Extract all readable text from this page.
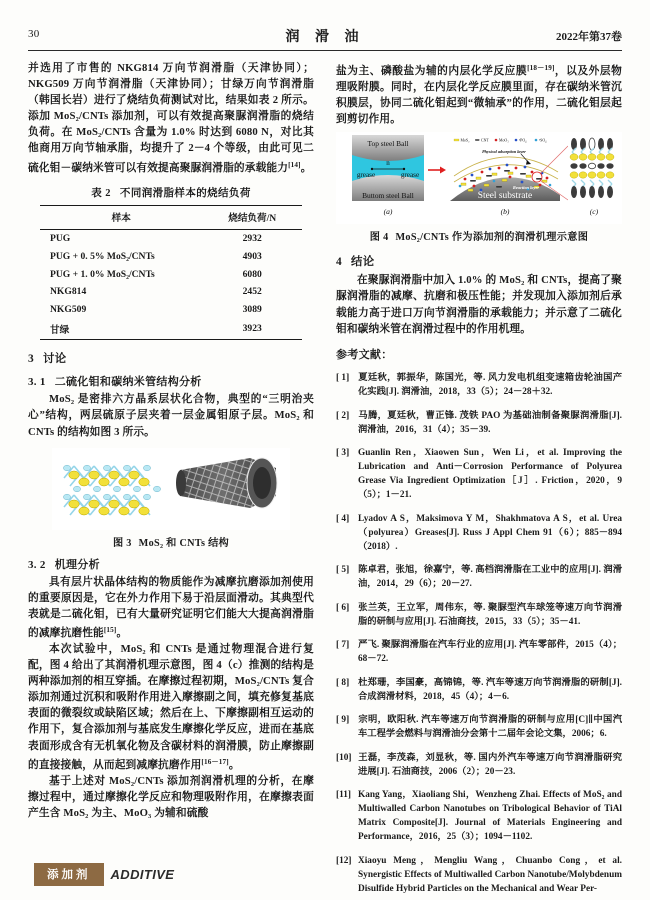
30	润 滑 油	2022年第37卷

并选用了市售的 NKG814 万向节润滑脂（天津协同）；NKG509 万向节润滑脂（天津协同）；甘绿万向节润滑脂（韩国长岩）进行了烧结负荷测试对比，结果如表 2 所示。添加 MoS₂/CNTs 添加剂，可以有效提高聚脲润滑脂的烧结负荷。在 MoS₂/CNTs 含量为 1.0% 时达到 6080 N，对比其他商用万向节轴承脂，均提升了 2－4 个等级，由此可见二硫化钼－碳纳米管可以有效提高聚脲润滑脂的承载能力[14]。

表 2 不同润滑脂样本的烧结负荷
样本	烧结负荷/N
PUG	2932
PUG + 0. 5% MoS₂/CNTs	4903
PUG + 1. 0% MoS₂/CNTs	6080
NKG814	2452
NKG509	3089
甘绿	3923
3 讨论
3. 1 二硫化钼和碳纳米管结构分析

MoS₂ 是密排六方晶系层状化合物，典型的“三明治夹心”结构，两层硫原子层夹着一层金属钼原子层。MoS₂ 和 CNTs 的结构如图 3 所示。

图 3 MoS₂ 和 CNTs 结构
3. 2 机理分析

具有层片状晶体结构的物质能作为减摩抗磨添加剂使用的重要原因是，它在外力作用下易于沿层面滑动。其典型代表就是二硫化钼，已有大量研究证明它们能大大提高润滑脂的减摩抗磨性能[15]。

本次试验中，MoS₂ 和 CNTs 是通过物理混合进行复配，图 4 给出了其润滑机理示意图，图 4（c）推测的结构是两种添加剂的相互穿插。在摩擦过程初期，MoS₂/CNTs 复合添加剂通过沉积和吸附作用进入摩擦副之间，填充修复基底表面的微裂纹或缺陷区域；然后在上、下摩擦副相互运动的作用下，复合添加剂与基底发生摩擦化学反应，进而在基底表面形成含有无机氧化物及含碳材料的润滑膜，防止摩擦副的直接接触，从而起到减摩抗磨作用[16－17]。

基于上述对 MoS₂/CNTs 添加剂润滑机理的分析，在摩擦过程中，通过摩擦化学反应和物理吸附作用，在摩擦表面产生含 MoS₂ 为主、MoO₃ 为辅和硫酸

盐为主、磷酸盐为辅的内层化学反应膜[18－19]，以及外层物理吸附膜。同时，在内层化学反应膜里面，存在碳纳米管沉积膜层，协同二硫化钼起到“微轴承”的作用，二硫化钼层起到剪切作用。

Top steel Ball
Buttom steel Ball
n
grease	grease
(a)
MoS₂	CNT	MoO₃	³PO₄	²SO₄
Physical adsorption layer
Reaction layer
Steel substrate
(b)	(c)
图 4 MoS₂/CNTs 作为添加剂的润滑机理示意图
4 结论

在聚脲润滑脂中加入 1.0% 的 MoS₂ 和 CNTs，提高了聚脲润滑脂的减摩、抗磨和极压性能；并发现加入添加剂后承载能力高于进口万向节润滑脂的承载能力；并示意了二硫化钼和碳纳米管在润滑过程中的作用机理。

参考文献：

[ 1] 夏廷秋，郭振华，陈国光，等. 风力发电机组变速箱齿轮油国产化实践[J]. 润滑油，2018，33（5）；24－28＋32.

[ 2] 马腾，夏廷秋，曹正锋. 茂铁 PAO 为基础油制备聚脲润滑脂[J]. 润滑油，2016，31（4）；35－39.

[ 3] Guanlin Ren，Xiaowen Sun，Wen Li，et al. Improving the Lubrication and Anti－Corrosion Performance of Polyurea Grease Via Ingredient Optimization［J］. Friction，2020，9（5）；1－21.

[ 4] Lyadov A S，Maksimova Y M，Shakhmatova A S，et al. Urea（polyurea）Greases[J]. Russ J Appl Chem 91（6）；885－894（2018）.

[ 5] 陈卓君，张旭，徐嘉宁，等. 高档润滑脂在工业中的应用[J]. 润滑油，2014，29（6）；20－27.

[ 6] 张兰英，王立军，周伟东，等. 聚脲型汽车球笼等速万向节润滑脂的研制与应用[J]. 石油商技，2015，33（5）；35－41.

[ 7] 严飞. 聚脲润滑脂在汽车行业的应用[J]. 汽车零部件，2015（4）；68－72.

[ 8] 杜郑珊，李国豪，高锦锦，等. 汽车等速万向节润滑脂的研制[J]. 合成润滑材料，2018，45（4）；4－6.

[ 9] 宗明，欧阳秋. 汽车等速万向节润滑脂的研制与应用[C]∥中国汽车工程学会燃料与润滑油分会第十二届年会论文集，2006；6.

[10] 王磊，李茂森，刘显秋，等. 国内外汽车等速万向节润滑脂研究进展[J]. 石油商技，2006（2）；20－23.

[11] Kang Yang，Xiaoliang Shi，Wenzheng Zhai. Effects of MoS₂ and Multiwalled Carbon Nanotubes on Tribological Behavior of TiAl Matrix Composite[J]. Journal of Materials Engineering and Performance，2016，25（3）；1094－1102.

[12] Xiaoyu Meng，Mengliu Wang，Chuanbo Cong，et al. Synergistic Effects of Multiwalled Carbon Nanotube/Molybdenum Disulfide Hybrid Particles on the Mechanical and Wear Per-

添加剂	ADDITIVE
